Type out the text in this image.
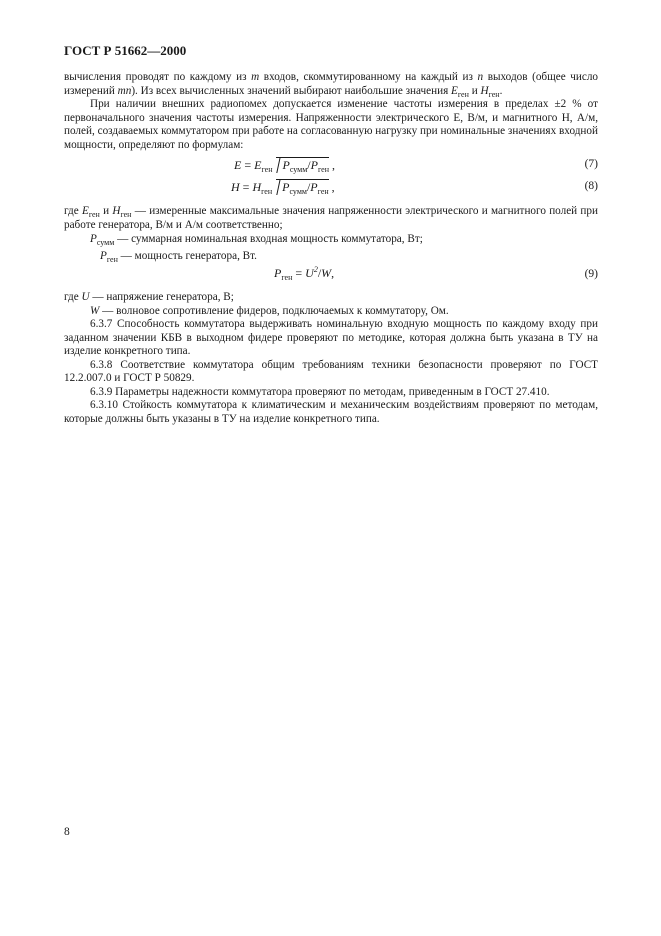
ГОСТ Р 51662—2000

вычисления проводят по каждому из m входов, скоммутированному на каждый из n выходов (общее число измерений mn). Из всех вычисленных значений выбирают наибольшие значения $E_{ген}$ и $H_{ген}$.

При наличии внешних радиопомех допускается изменение частоты измерения в пределах ±2 % от первоначального значения частоты измерения. Напряженности электрического E, В/м, и магнитного H, А/м, полей, создаваемых коммутатором при работе на согласованную нагрузку при номинальные значениях входной мощности, определяют по формулам:

$E = E_{ген}$ $P_{сумм}/P_{ген}$ ,	(7)
$H = H_{ген}$ $P_{сумм}/P_{ген}$ ,	(8)

где $E_{ген}$ и $H_{ген}$ — измеренные максимальные значения напряженности электрического и магнитного полей при работе генератора, В/м и А/м соответственно;

$P_{сумм}$ — суммарная номинальная входная мощность коммутатора, Вт;

$P_{ген}$ — мощность генератора, Вт.

$P_{ген} = U^2/W$,	(9)

где U — напряжение генератора, В;

W — волновое сопротивление фидеров, подключаемых к коммутатору, Ом.

6.3.7 Способность коммутатора выдерживать номинальную входную мощность по каждому входу при заданном значении КБВ в выходном фидере проверяют по методике, которая должна быть указана в ТУ на изделие конкретного типа.

6.3.8 Соответствие коммутатора общим требованиям техники безопасности проверяют по ГОСТ 12.2.007.0 и ГОСТ Р 50829.

6.3.9 Параметры надежности коммутатора проверяют по методам, приведенным в ГОСТ 27.410.

6.3.10 Стойкость коммутатора к климатическим и механическим воздействиям проверяют по методам, которые должны быть указаны в ТУ на изделие конкретного типа.

8
